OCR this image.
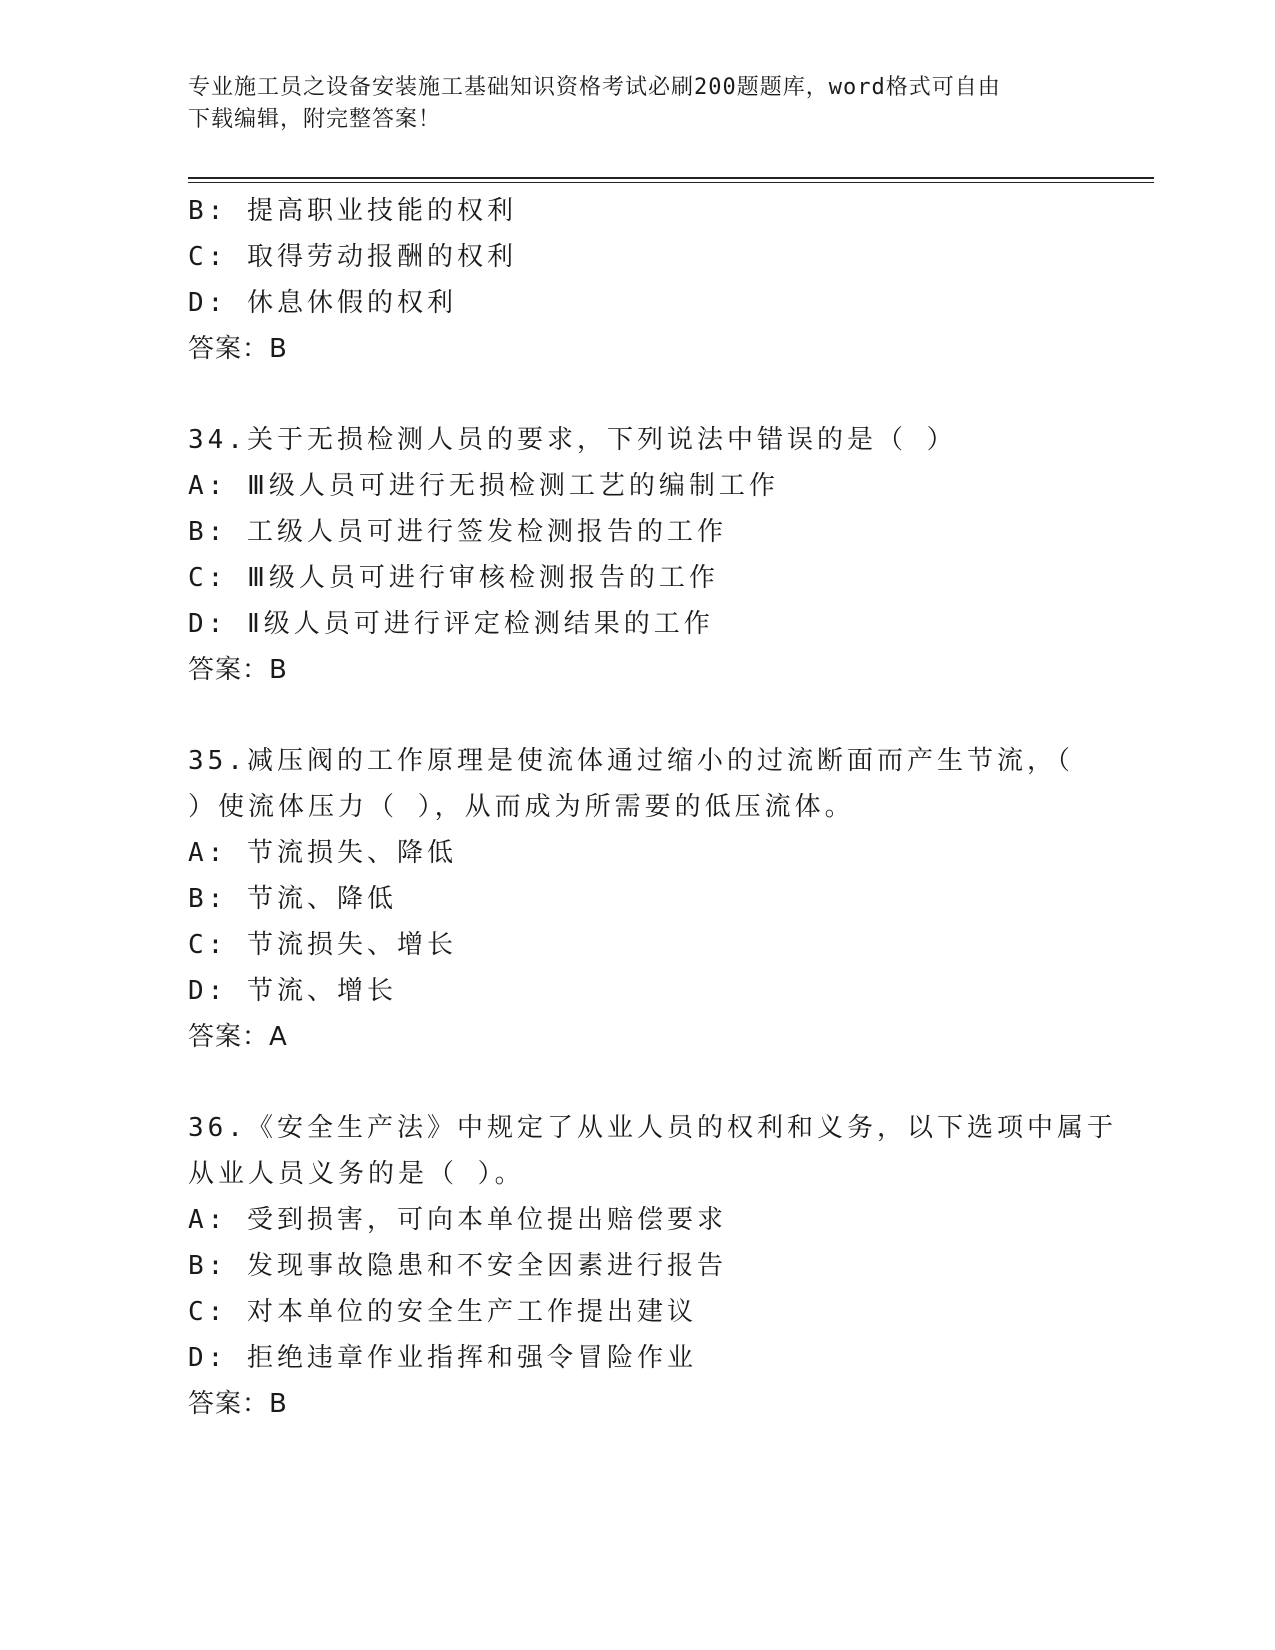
专业施工员之设备安装施工基础知识资格考试必刷200题题库，word格式可自由
下载编辑，附完整答案！
B: 提高职业技能的权利
C: 取得劳动报酬的权利
D: 休息休假的权利
答案：B
34.关于无损检测人员的要求，下列说法中错误的是（ ）
A: Ⅲ级人员可进行无损检测工艺的编制工作
B: 工级人员可进行签发检测报告的工作
C: Ⅲ级人员可进行审核检测报告的工作
D: Ⅱ级人员可进行评定检测结果的工作
答案：B
35.减压阀的工作原理是使流体通过缩小的过流断面而产生节流，（
）使流体压力（ ），从而成为所需要的低压流体。
A: 节流损失、降低
B: 节流、降低
C: 节流损失、增长
D: 节流、增长
答案：A
36.《安全生产法》中规定了从业人员的权利和义务，以下选项中属于
从业人员义务的是（ ）。
A: 受到损害，可向本单位提出赔偿要求
B: 发现事故隐患和不安全因素进行报告
C: 对本单位的安全生产工作提出建议
D: 拒绝违章作业指挥和强令冒险作业
答案：B
